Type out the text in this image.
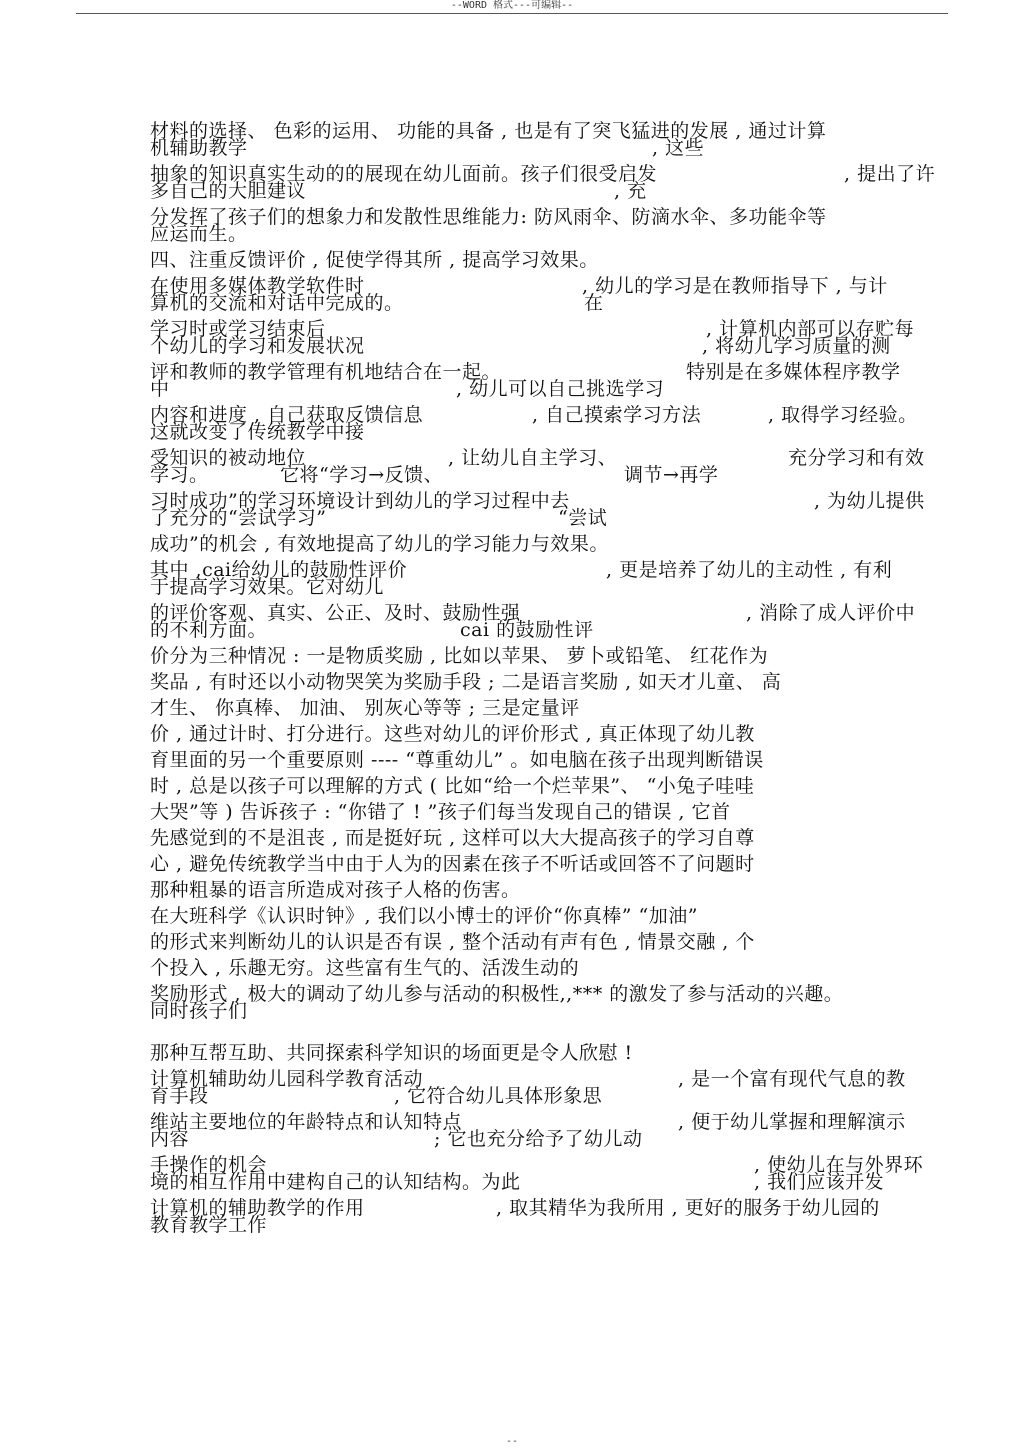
--WORD 格式---可编辑--
材料的选择、 色彩的运用、 功能的具备 , 也是有了突飞猛进的发展 , 通过计算
机辅助教学	, 这些
抽象的知识真实生动的的展现在幼儿面前。孩子们很受启发	, 提出了许
多自己的大胆建议	, 充
分发挥了孩子们的想象力和发散性思维能力: 防风雨伞、防滴水伞、多功能伞等
应运而生。
四、注重反馈评价 , 促使学得其所 , 提高学习效果。
在使用多媒体教学软件时	, 幼儿的学习是在教师指导下 , 与计
算机的交流和对话中完成的。	在
学习时或学习结束后	, 计算机内部可以存贮每
个幼儿的学习和发展状况	, 将幼儿学习质量的测
评和教师的教学管理有机地结合在一起。	特别是在多媒体程序教学
中	, 幼儿可以自己挑选学习
内容和进度 , 自己获取反馈信息	, 自己摸索学习方法	, 取得学习经验。
这就改变了传统教学中接
受知识的被动地位	, 让幼儿自主学习、	充分学习和有效
学习。	它将“学习→反馈、	调节→再学
习时成功”的学习环境设计到幼儿的学习过程中去	, 为幼儿提供
了充分的“尝试学习”	“尝试
成功”的机会 , 有效地提高了幼儿的学习能力与效果。
其中 ,cai给幼儿的鼓励性评价	, 更是培养了幼儿的主动性 , 有利
于提高学习效果。它对幼儿
的评价客观、真实、公正、及时、鼓励性强	, 消除了成人评价中
的不利方面。	cai 的鼓励性评
价分为三种情况 : 一是物质奖励 , 比如以苹果、 萝卜或铅笔、 红花作为
奖品 , 有时还以小动物哭笑为奖励手段 ; 二是语言奖励 , 如天才儿童、 高
才生、 你真棒、 加油、 别灰心等等 ; 三是定量评
价 , 通过计时、打分进行。这些对幼儿的评价形式 , 真正体现了幼儿教
育里面的另一个重要原则 ---- “尊重幼儿” 。如电脑在孩子出现判断错误
时 , 总是以孩子可以理解的方式 ( 比如“给一个烂苹果”、 “小兔子哇哇
大哭”等 ) 告诉孩子 : “你错了 ! ”孩子们每当发现自己的错误 , 它首
先感觉到的不是沮丧 , 而是挺好玩 , 这样可以大大提高孩子的学习自尊
心 , 避免传统教学当中由于人为的因素在孩子不听话或回答不了问题时
那种粗暴的语言所造成对孩子人格的伤害。
在大班科学《认识时钟》, 我们以小博士的评价“你真棒” “加油”
的形式来判断幼儿的认识是否有误 , 整个活动有声有色 , 情景交融 , 个
个投入 , 乐趣无穷。这些富有生气的、活泼生动的
奖励形式 , 极大的调动了幼儿参与活动的积极性,,*** 的激发了参与活动的兴趣。
同时孩子们
那种互帮互助、共同探索科学知识的场面更是令人欣慰 !
计算机辅助幼儿园科学教育活动	, 是一个富有现代气息的教
育手段	, 它符合幼儿具体形象思
维站主要地位的年龄特点和认知特点	, 便于幼儿掌握和理解演示
内容	; 它也充分给予了幼儿动
手操作的机会	, 使幼儿在与外界环
境的相互作用中建构自己的认知结构。为此	, 我们应该开发
计算机的辅助教学的作用	, 取其精华为我所用 , 更好的服务于幼儿园的
教育教学工作
--
